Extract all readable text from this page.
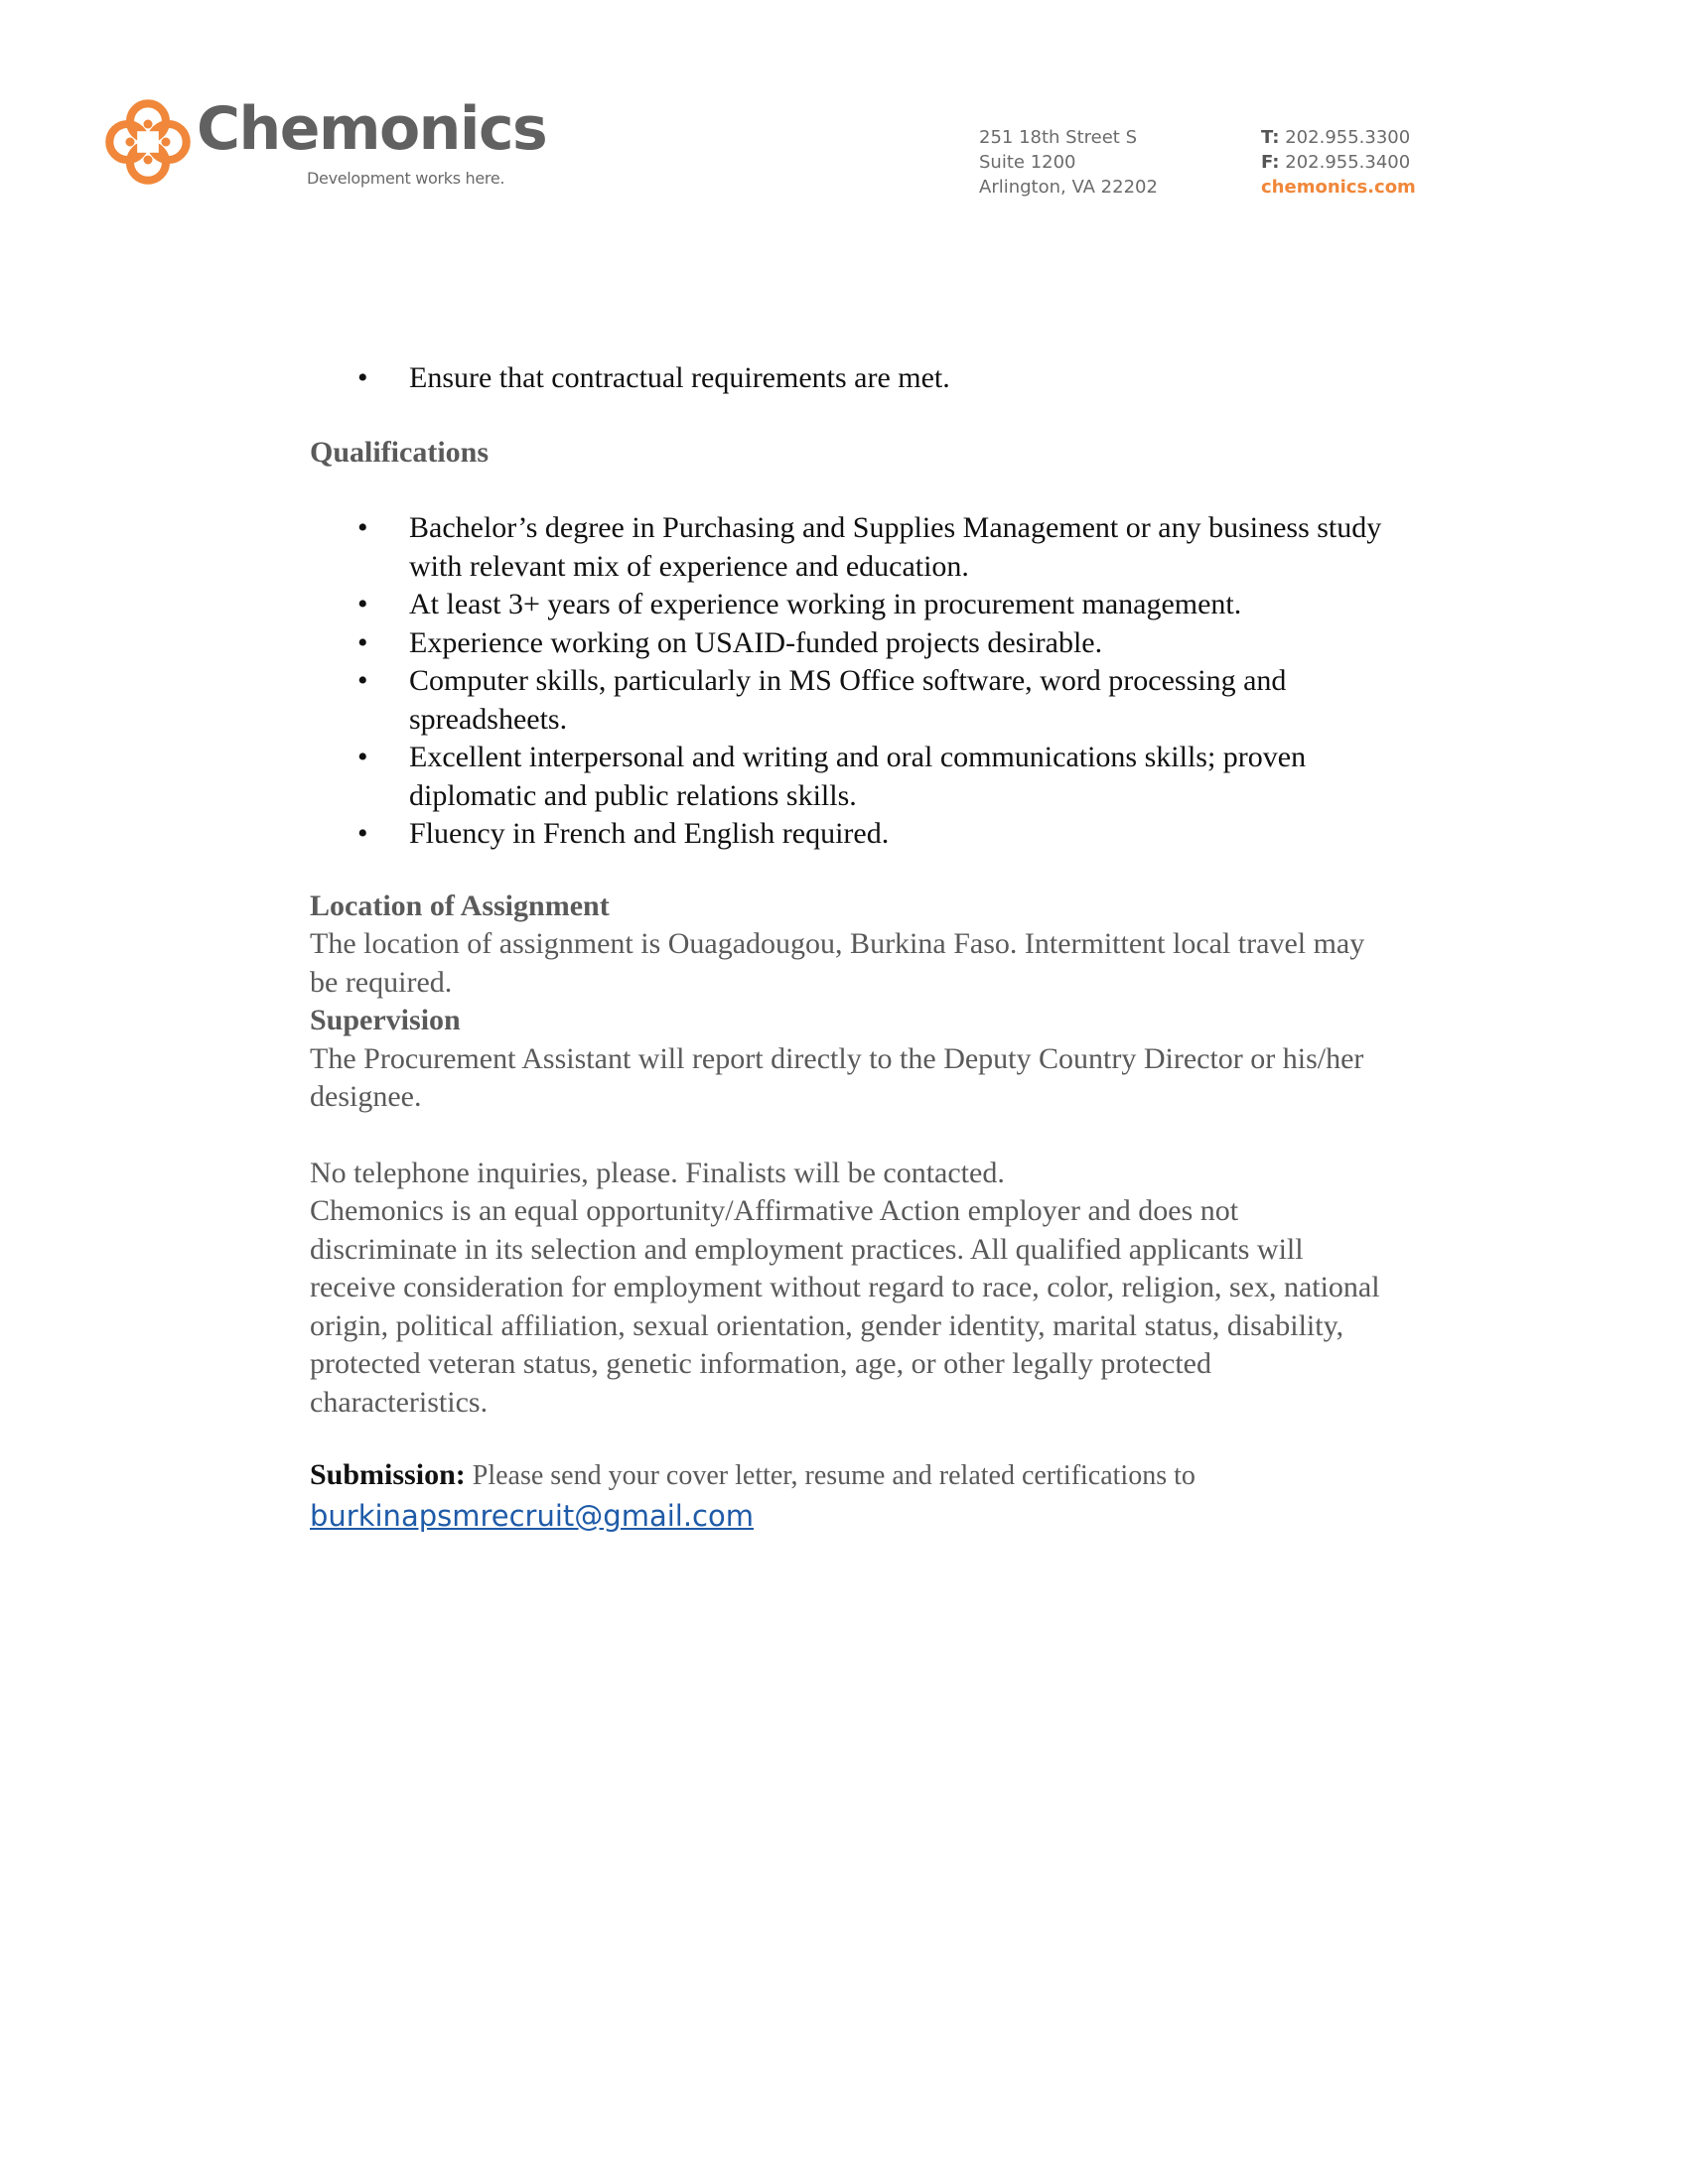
Chemonics
Development works here.
251 18th Street S
Suite 1200
Arlington, VA 22202
T: 202.955.3300
F: 202.955.3400
chemonics.com
• Ensure that contractual requirements are met.
Qualifications
• Bachelor’s degree in Purchasing and Supplies Management or any business study with relevant mix of experience and education.
• At least 3+ years of experience working in procurement management.
• Experience working on USAID-funded projects desirable.
• Computer skills, particularly in MS Office software, word processing and spreadsheets.
• Excellent interpersonal and writing and oral communications skills; proven diplomatic and public relations skills.
• Fluency in French and English required.
Location of Assignment
The location of assignment is Ouagadougou, Burkina Faso. Intermittent local travel may be required.
Supervision
The Procurement Assistant will report directly to the Deputy Country Director or his/her designee.
No telephone inquiries, please. Finalists will be contacted.
Chemonics is an equal opportunity/Affirmative Action employer and does not discriminate in its selection and employment practices. All qualified applicants will receive consideration for employment without regard to race, color, religion, sex, national origin, political affiliation, sexual orientation, gender identity, marital status, disability, protected veteran status, genetic information, age, or other legally protected characteristics.
Submission: Please send your cover letter, resume and related certifications to
burkinapsmrecruit@gmail.com
